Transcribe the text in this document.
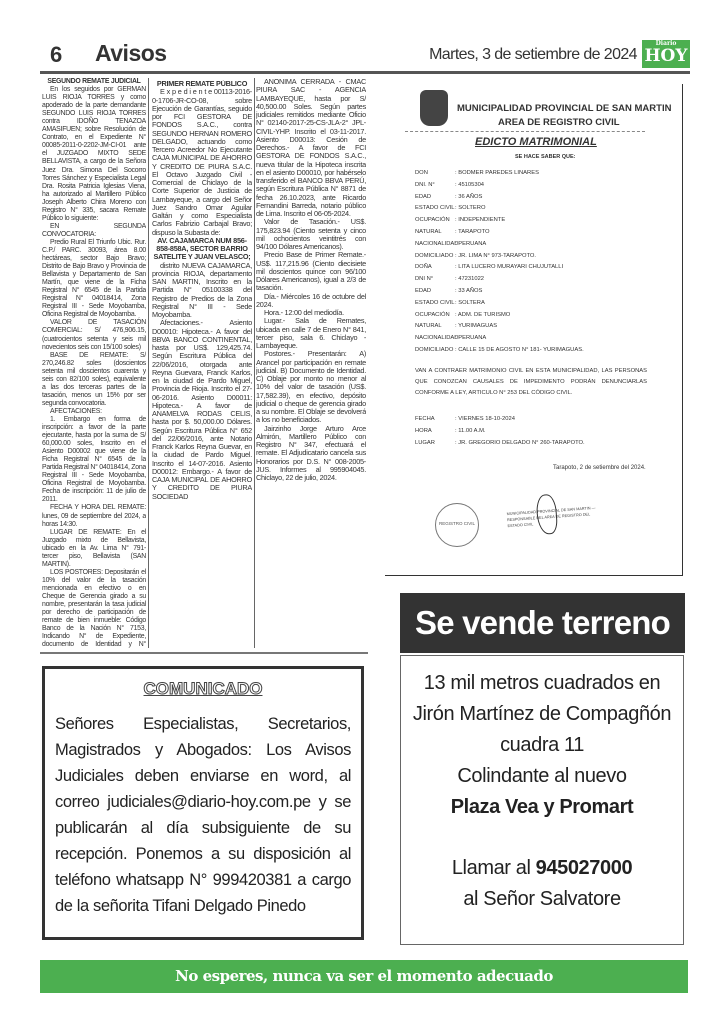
6 Avisos	Martes, 3 de setiembre de 2024
Diario
HOY

SEGUNDO REMATE JUDICIAL

En los seguidos por GERMAN LUIS RIOJA TORRES y como apoderado de la parte demandante SEGUNDO LUIS RIOJA TORRES contra IDOÑO TENAZOA AMASIFUEN; sobre Resolución de Contrato, en el Expediente N° 00085-2011-0-2202-JM-CI-01 ante el JUZGADO MIXTO SEDE BELLAVISTA, a cargo de la Señora Juez Dra. Simona Del Socorro Torres Sánchez y Especialista Legal Dra. Rosita Patricia Iglesias Viena, ha autorizado al Martillero Público Joseph Alberto Chira Moreno con Registro N° 335, sacara Remate Público lo siguiente:

EN SEGUNDA CONVOCATORIA:

Predio Rural El Triunfo Ubic. Rur. C.P./ PARC. 30093, área 8.00 hectáreas, sector Bajo Bravo; Distrito de Bajo Bravo y Provincia de Bellavista y Departamento de San Martín, que viene de la Ficha Registral N° 6545 de la Partida Registral N° 04018414, Zona Registral III - Sede Moyobamba, Oficina Registral de Moyobamba.

VALOR DE TASACIÓN COMERCIAL: S/ 476,906.15, (cuatrocientos setenta y seis mil novecientos seis con 15/100 soles)

BASE DE REMATE: S/ 270,246.82 soles (doscientos setenta mil doscientos cuarenta y seis con 82/100 soles), equivalente a las dos terceras partes de la tasación, menos un 15% por ser segunda convocatoria.

AFECTACIONES:

1. Embargo en forma de inscripción: a favor de la parte ejecutante, hasta por la suma de S/ 60,000.00 soles, Inscrito en el Asiento D00002 que viene de la Ficha Registral N° 6545 de la Partida Registral N° 04018414, Zona Registral III - Sede Moyobamba, Oficina Registral de Moyobamba. Fecha de inscripción: 11 de julio de 2011.

FECHA Y HORA DEL REMATE: lunes, 09 de septiembre del 2024, a horas 14:30.

LUGAR DE REMATE: En el Juzgado mixto de Bellavista, ubicado en la Av. Lima N° 791- tercer piso, Bellavista (SAN MARTIN).

LOS POSTORES: Depositarán el 10% del valor de la tasación mencionada en efectivo o en Cheque de Gerencia girado a su nombre, presentarán la tasa judicial por derecho de participación de remate de bien inmueble: Código Banco de la Nación N° 7153, Indicando N° de Expediente, documento de Identidad y N°

PRIMER REMATE PÚBLICO

E x p e d i e n t e 00113-2016-0-1706-JR-CO-08, sobre Ejecución de Garantías, seguido por FCI GESTORA DE FONDOS S.A.C., contra SEGUNDO HERNAN ROMERO DELGADO, actuando como Tercero Acreedor No Ejecutante CAJA MUNICIPAL DE AHORRO Y CREDITO DE PIURA S.A.C. El Octavo Juzgado Civil - Comercial de Chiclayo de la Corte Superior de Justicia de Lambayeque, a cargo del Señor Juez Sandro Omar Aguilar Galtán y como Especialista Carlos Fabrizio Carbajal Bravo; dispuso la Subasta de:

AV. CAJAMARCA NUM 856-858-858A, SECTOR BARRIO SATELITE Y JUAN VELASCO;

distrito NUEVA CAJAMARCA, provincia RIOJA, departamento SAN MARTIN, Inscrito en la Partida N° 05100338 del Registro de Predios de la Zona Registral N° III - Sede Moyobamba.

Afectaciones.- Asiento D00010: Hipoteca.- A favor del BBVA BANCO CONTINENTAL, hasta por US$. 129,425.74. Según Escritura Pública del 22/06/2016, otorgada ante Reyna Guevara, Franck Karlos, en la ciudad de Pardo Miguel, Provincia de Rioja. Inscrito el 27-06-2016. Asiento D00011: Hipoteca.- A favor de ANAMELVA RODAS CELIS, hasta por $. 50,000.00 Dólares. Según Escritura Pública N° 652 del 22/06/2016, ante Notario Franck Karlos Reyna Guevar, en la ciudad de Pardo Miguel. Inscrito el 14-07-2016. Asiento D00012: Embargo.- A favor de CAJA MUNICIPAL DE AHORRO Y CREDITO DE PIURA SOCIEDAD

ANONIMA CERRADA - CMAC PIURA SAC - AGENCIA LAMBAYEQUE, hasta por S/ 40,500.00 Soles. Según partes judiciales remitidos mediante Oficio N° 02140-2017-25-CS-JLA-2° JPL-CIVIL-YHP. Inscrito el 03-11-2017. Asiento D00013: Cesión de Derechos.- A favor de FCI GESTORA DE FONDOS S.A.C., nueva titular de la Hipoteca inscrita en el asiento D00010, por habérselo transferido el BANCO BBVA PERÚ, según Escritura Pública N° 8871 de fecha 26.10.2023, ante Ricardo Fernandini Barreda, notario público de Lima. Inscrito el 06-05-2024.

Valor de Tasación.- US$. 175,823.94 (Ciento setenta y cinco mil ochocientos veintitrés con 94/100 Dólares Americanos).

Precio Base de Primer Remate.- US$. 117,215.96 (Ciento diecisiete mil doscientos quince con 96/100 Dólares Americanos), igual a 2/3 de tasación.

Día.- Miércoles 16 de octubre del 2024.

Hora.- 12:00 del mediodía.

Lugar.- Sala de Remates, ubicada en calle 7 de Enero N° 841, tercer piso, sala 6. Chiclayo - Lambayeque.

Postores.- Presentarán: A) Arancel por participación en remate judicial. B) Documento de Identidad. C) Oblaje por monto no menor al 10% del valor de tasación (US$. 17,582.39), en efectivo, depósito judicial o cheque de gerencia girado a su nombre. El Oblaje se devolverá a los no beneficiados.

Jairzinho Jorge Arturo Arce Almirón, Martillero Público con Registro N° 347, efectuará el remate. El Adjudicatario cancela sus Honorarios por D.S. N° 008-2005-JUS. Informes al 995904045. Chiclayo, 22 de julio, 2024.

MUNICIPALIDAD PROVINCIAL DE SAN MARTIN
AREA DE REGISTRO CIVIL
EDICTO MATRIMONIAL
SE HACE SABER QUE:
DON	: BODMER PAREDES LINARES
DNI. N°	: 45105304
EDAD	: 36 AÑOS
ESTADO CIVIL: SOLTERO
OCUPACIÓN : INDEPENDIENTE
NATURAL : TARAPOTO
NACIONALIDAD: PERUANA
DOMICILIADO : JR. LIMA N° 973-TARAPOTO.
DOÑA	: LITA LUCERO MURAYARI CHUJUTALLI
DNI N°	: 47231022
EDAD	: 33 AÑOS
ESTADO CIVIL: SOLTERA
OCUPACIÓN : ADM. DE TURISMO
NATURAL : YURIMAGUAS
NACIONALIDAD: PERUANA
DOMICILIADO : CALLE 15 DE AGOSTO N° 181- YURIMAGUAS.
VAN A CONTRAER MATRIMONIO CIVIL EN ESTA MUNICIPALIDAD, LAS PERSONAS QUE CONOZCAN CAUSALES DE IMPEDIMENTO PODRÁN DENUNCIARLAS CONFORME A LEY, ARTICULO N° 253 DEL CÓDIGO CIVIL.
FECHA	: VIERNES 18-10-2024
HORA	: 11.00 A.M.
LUGAR	: JR. GREGORIO DELGADO N° 260-TARAPOTO.
Tarapoto, 2 de setiembre del 2024.
REGISTRO CIVIL
MUNICIPALIDAD PROVINCIAL DE SAN MARTIN — RESPONSABLE DEL AREA DE REGISTRO DEL ESTADO CIVIL
Se vende terreno
13 mil metros cuadrados en
Jirón Martínez de Compagñón
cuadra 11
Colindante al nuevo
Plaza Vea y Promart
Llamar al 945027000
al Señor Salvatore
COMUNICADO
Señores Especialistas, Secretarios, Magistrados y Abogados: Los Avisos Judiciales deben enviarse en word, al correo judiciales@diario-hoy.com.pe y se publicarán al día subsiguiente de su recepción. Ponemos a su disposición al teléfono whatsapp N° 999420381 a cargo de la señorita Tifani Delgado Pinedo
No esperes, nunca va ser el momento adecuado
